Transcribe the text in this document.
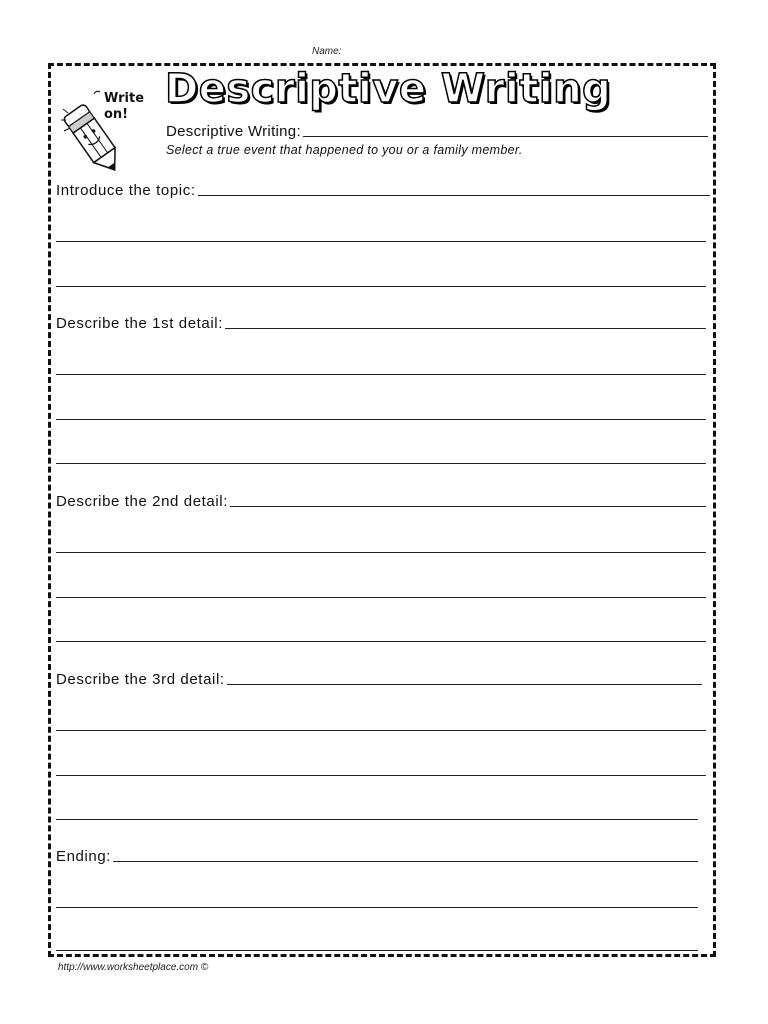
Name:
Write
on!
Descriptive Writing
Descriptive Writing:
Select a true event that happened to you or a family member.
Introduce the topic:
Describe the 1st detail:
Describe the 2nd detail:
Describe the 3rd detail:
Ending:
http://www.worksheetplace.com ©
